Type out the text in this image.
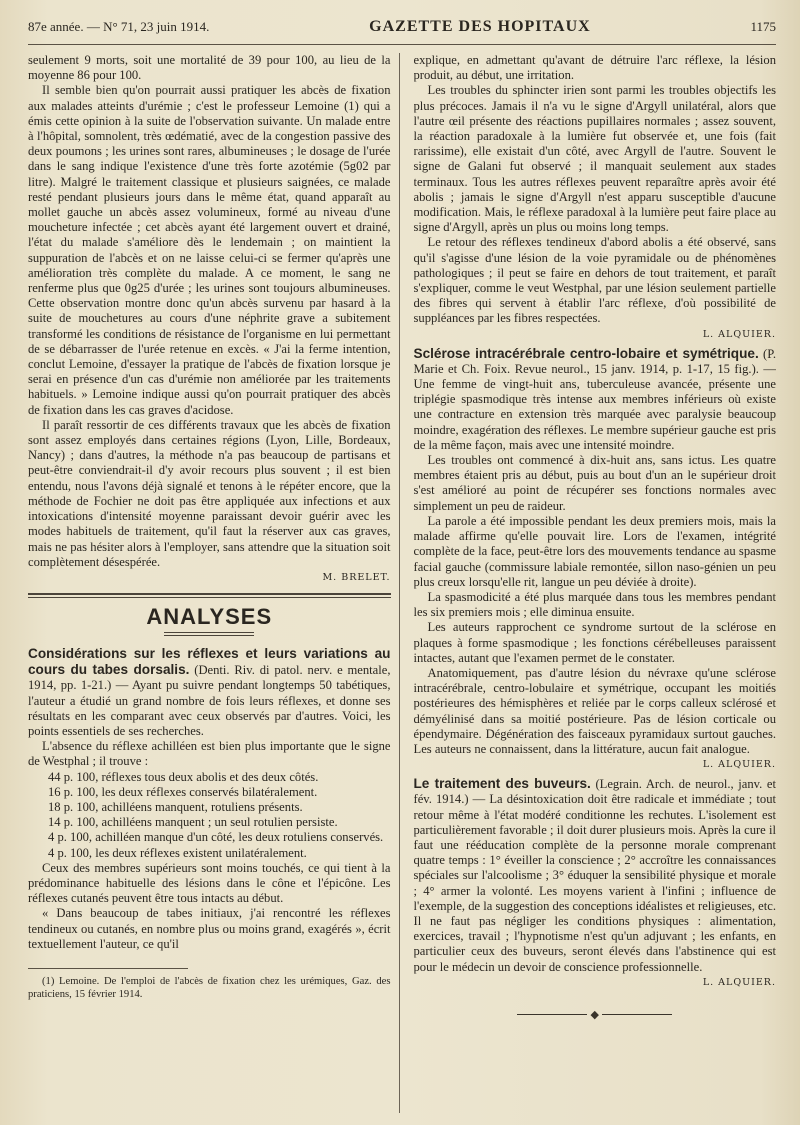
87e année. — N° 71, 23 juin 1914.	GAZETTE DES HOPITAUX	1175

seulement 9 morts, soit une mortalité de 39 pour 100, au lieu de la moyenne 86 pour 100.

Il semble bien qu'on pourrait aussi pratiquer les abcès de fixation aux malades atteints d'urémie ; c'est le professeur Lemoine (1) qui a émis cette opinion à la suite de l'observation suivante. Un malade entre à l'hôpital, somnolent, très œdématié, avec de la congestion passive des deux poumons ; les urines sont rares, albumineuses ; le dosage de l'urée dans le sang indique l'existence d'une très forte azotémie (5g02 par litre). Malgré le traitement classique et plusieurs saignées, ce malade resté pendant plusieurs jours dans le même état, quand apparaît au mollet gauche un abcès assez volumineux, formé au niveau d'une moucheture infectée ; cet abcès ayant été largement ouvert et drainé, l'état du malade s'améliore dès le lendemain ; on maintient la suppuration de l'abcès et on ne laisse celui-ci se fermer qu'après une amélioration très complète du malade. A ce moment, le sang ne renferme plus que 0g25 d'urée ; les urines sont toujours albumineuses. Cette observation montre donc qu'un abcès survenu par hasard à la suite de mouchetures au cours d'une néphrite grave a subitement transformé les conditions de résistance de l'organisme en lui permettant de se débarrasser de l'urée retenue en excès. « J'ai la ferme intention, conclut Lemoine, d'essayer la pratique de l'abcès de fixation lorsque je serai en présence d'un cas d'urémie non améliorée par les traitements habituels. » Lemoine indique aussi qu'on pourrait pratiquer des abcès de fixation dans les cas graves d'acidose.

Il paraît ressortir de ces différents travaux que les abcès de fixation sont assez employés dans certaines régions (Lyon, Lille, Bordeaux, Nancy) ; dans d'autres, la méthode n'a pas beaucoup de partisans et peut-être conviendrait-il d'y avoir recours plus souvent ; il est bien entendu, nous l'avons déjà signalé et tenons à le répéter encore, que la méthode de Fochier ne doit pas être appliquée aux infections et aux intoxications d'intensité moyenne paraissant devoir guérir avec les modes habituels de traitement, qu'il faut la réserver aux cas graves, mais ne pas hésiter alors à l'employer, sans attendre que la situation soit complètement désespérée.

M. BRELET.
ANALYSES

Considérations sur les réflexes et leurs variations au cours du tabes dorsalis. (Denti. Riv. di patol. nerv. e mentale, 1914, pp. 1-21.) — Ayant pu suivre pendant longtemps 50 tabétiques, l'auteur a étudié un grand nombre de fois leurs réflexes, et donne ses résultats en les comparant avec ceux observés par d'autres. Voici, les points essentiels de ses recherches.

L'absence du réflexe achilléen est bien plus importante que le signe de Westphal ; il trouve :

44 p. 100, réflexes tous deux abolis et des deux côtés.

16 p. 100, les deux réflexes conservés bilatéralement.

18 p. 100, achilléens manquent, rotuliens présents.

14 p. 100, achilléens manquent ; un seul rotulien persiste.

4 p. 100, achilléen manque d'un côté, les deux rotuliens conservés.

4 p. 100, les deux réflexes existent unilatéralement.

Ceux des membres supérieurs sont moins touchés, ce qui tient à la prédominance habituelle des lésions dans le cône et l'épicône. Les réflexes cutanés peuvent être tous intacts au début.

« Dans beaucoup de tabes initiaux, j'ai rencontré les réflexes tendineux ou cutanés, en nombre plus ou moins grand, exagérés », écrit textuellement l'auteur, ce qu'il

(1) Lemoine. De l'emploi de l'abcès de fixation chez les urémiques, Gaz. des praticiens, 15 février 1914.

explique, en admettant qu'avant de détruire l'arc réflexe, la lésion produit, au début, une irritation.

Les troubles du sphincter irien sont parmi les troubles objectifs les plus précoces. Jamais il n'a vu le signe d'Argyll unilatéral, alors que l'autre œil présente des réactions pupillaires normales ; assez souvent, la réaction paradoxale à la lumière fut observée et, une fois (fait rarissime), elle existait d'un côté, avec Argyll de l'autre. Souvent le signe de Galani fut observé ; il manquait seulement aux stades terminaux. Tous les autres réflexes peuvent reparaître après avoir été abolis ; jamais le signe d'Argyll n'est apparu susceptible d'aucune modification. Mais, le réflexe paradoxal à la lumière peut faire place au signe d'Argyll, après un plus ou moins long temps.

Le retour des réflexes tendineux d'abord abolis a été observé, sans qu'il s'agisse d'une lésion de la voie pyramidale ou de phénomènes pathologiques ; il peut se faire en dehors de tout traitement, et paraît s'expliquer, comme le veut Westphal, par une lésion seulement partielle des fibres qui servent à établir l'arc réflexe, d'où possibilité de suppléances par les fibres respectées.

L. ALQUIER.

Sclérose intracérébrale centro-lobaire et symétrique. (P. Marie et Ch. Foix. Revue neurol., 15 janv. 1914, p. 1-17, 15 fig.). — Une femme de vingt-huit ans, tuberculeuse avancée, présente une triplégie spasmodique très intense aux membres inférieurs où existe une contracture en extension très marquée avec paralysie beaucoup moindre, exagération des réflexes. Le membre supérieur gauche est pris de la même façon, mais avec une intensité moindre.

Les troubles ont commencé à dix-huit ans, sans ictus. Les quatre membres étaient pris au début, puis au bout d'un an le supérieur droit s'est amélioré au point de récupérer ses fonctions normales avec simplement un peu de raideur.

La parole a été impossible pendant les deux premiers mois, mais la malade affirme qu'elle pouvait lire. Lors de l'examen, intégrité complète de la face, peut-être lors des mouvements tendance au spasme facial gauche (commissure labiale remontée, sillon naso-génien un peu plus creux lorsqu'elle rit, langue un peu déviée à droite).

La spasmodicité a été plus marquée dans tous les membres pendant les six premiers mois ; elle diminua ensuite.

Les auteurs rapprochent ce syndrome surtout de la sclérose en plaques à forme spasmodique ; les fonctions cérébelleuses paraissent intactes, autant que l'examen permet de le constater.

Anatomiquement, pas d'autre lésion du névraxe qu'une sclérose intracérébrale, centro-lobulaire et symétrique, occupant les moitiés postérieures des hémisphères et reliée par le corps calleux sclérosé et démyélinisé dans sa moitié postérieure. Pas de lésion corticale ou épendymaire. Dégénération des faisceaux pyramidaux surtout gauches. Les auteurs ne connaissent, dans la littérature, aucun fait analogue.

L. ALQUIER.

Le traitement des buveurs. (Legrain. Arch. de neurol., janv. et fév. 1914.) — La désintoxication doit être radicale et immédiate ; tout retour même à l'état modéré conditionne les rechutes. L'isolement est particulièrement favorable ; il doit durer plusieurs mois. Après la cure il faut une rééducation complète de la personne morale comprenant quatre temps : 1° éveiller la conscience ; 2° accroître les connaissances spéciales sur l'alcoolisme ; 3° éduquer la sensibilité physique et morale ; 4° armer la volonté. Les moyens varient à l'infini ; influence de l'exemple, de la suggestion des conceptions idéalistes et religieuses, etc. Il ne faut pas négliger les conditions physiques : alimentation, exercices, travail ; l'hypnotisme n'est qu'un adjuvant ; les enfants, en particulier ceux des buveurs, seront élevés dans l'abstinence qui est pour le médecin un devoir de conscience professionnelle.

L. ALQUIER.
◆
